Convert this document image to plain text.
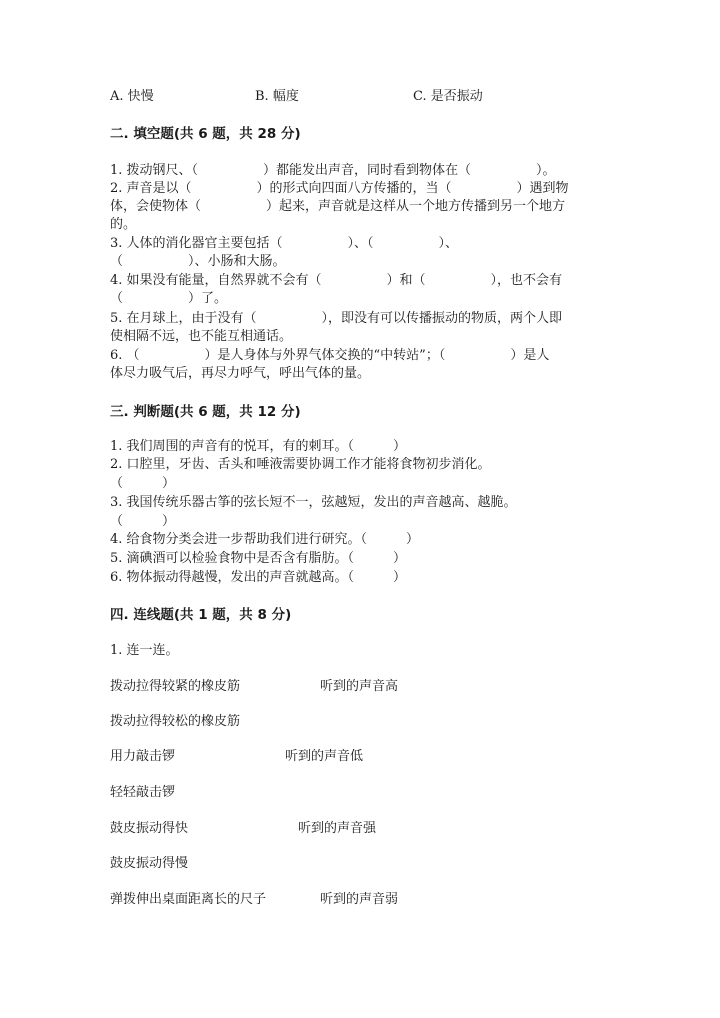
A. 快慢	B. 幅度	C. 是否振动
二. 填空题(共 6 题，共 28 分)
1. 拨动钢尺、（　　　　　）都能发出声音，同时看到物体在（　　　　　）。
2. 声音是以（　　　　　）的形式向四面八方传播的，当（　　　　　）遇到物
体，会使物体（　　　　　）起来，声音就是这样从一个地方传播到另一个地方
的。
3. 人体的消化器官主要包括（　　　　　）、（　　　　　）、
（　　　　　）、小肠和大肠。
4. 如果没有能量，自然界就不会有（　　　　　）和（　　　　　），也不会有
（　　　　　）了。
5. 在月球上，由于没有（　　　　　），即没有可以传播振动的物质，两个人即
使相隔不远，也不能互相通话。
6. （　　　　　）是人身体与外界气体交换的“中转站”；（　　　　　）是人
体尽力吸气后，再尽力呼气，呼出气体的量。
三. 判断题(共 6 题，共 12 分)
1. 我们周围的声音有的悦耳，有的刺耳。（　　　）
2. 口腔里，牙齿、舌头和唾液需要协调工作才能将食物初步消化。
（　　　）
3. 我国传统乐器古筝的弦长短不一，弦越短，发出的声音越高、越脆。
（　　　）
4. 给食物分类会进一步帮助我们进行研究。（　　　）
5. 滴碘酒可以检验食物中是否含有脂肪。（　　　）
6. 物体振动得越慢，发出的声音就越高。（　　　）
四. 连线题(共 1 题，共 8 分)
1. 连一连。
拨动拉得较紧的橡皮筋	听到的声音高
拨动拉得较松的橡皮筋
用力敲击锣	听到的声音低
轻轻敲击锣
鼓皮振动得快	听到的声音强
鼓皮振动得慢
弹拨伸出桌面距离长的尺子	听到的声音弱
